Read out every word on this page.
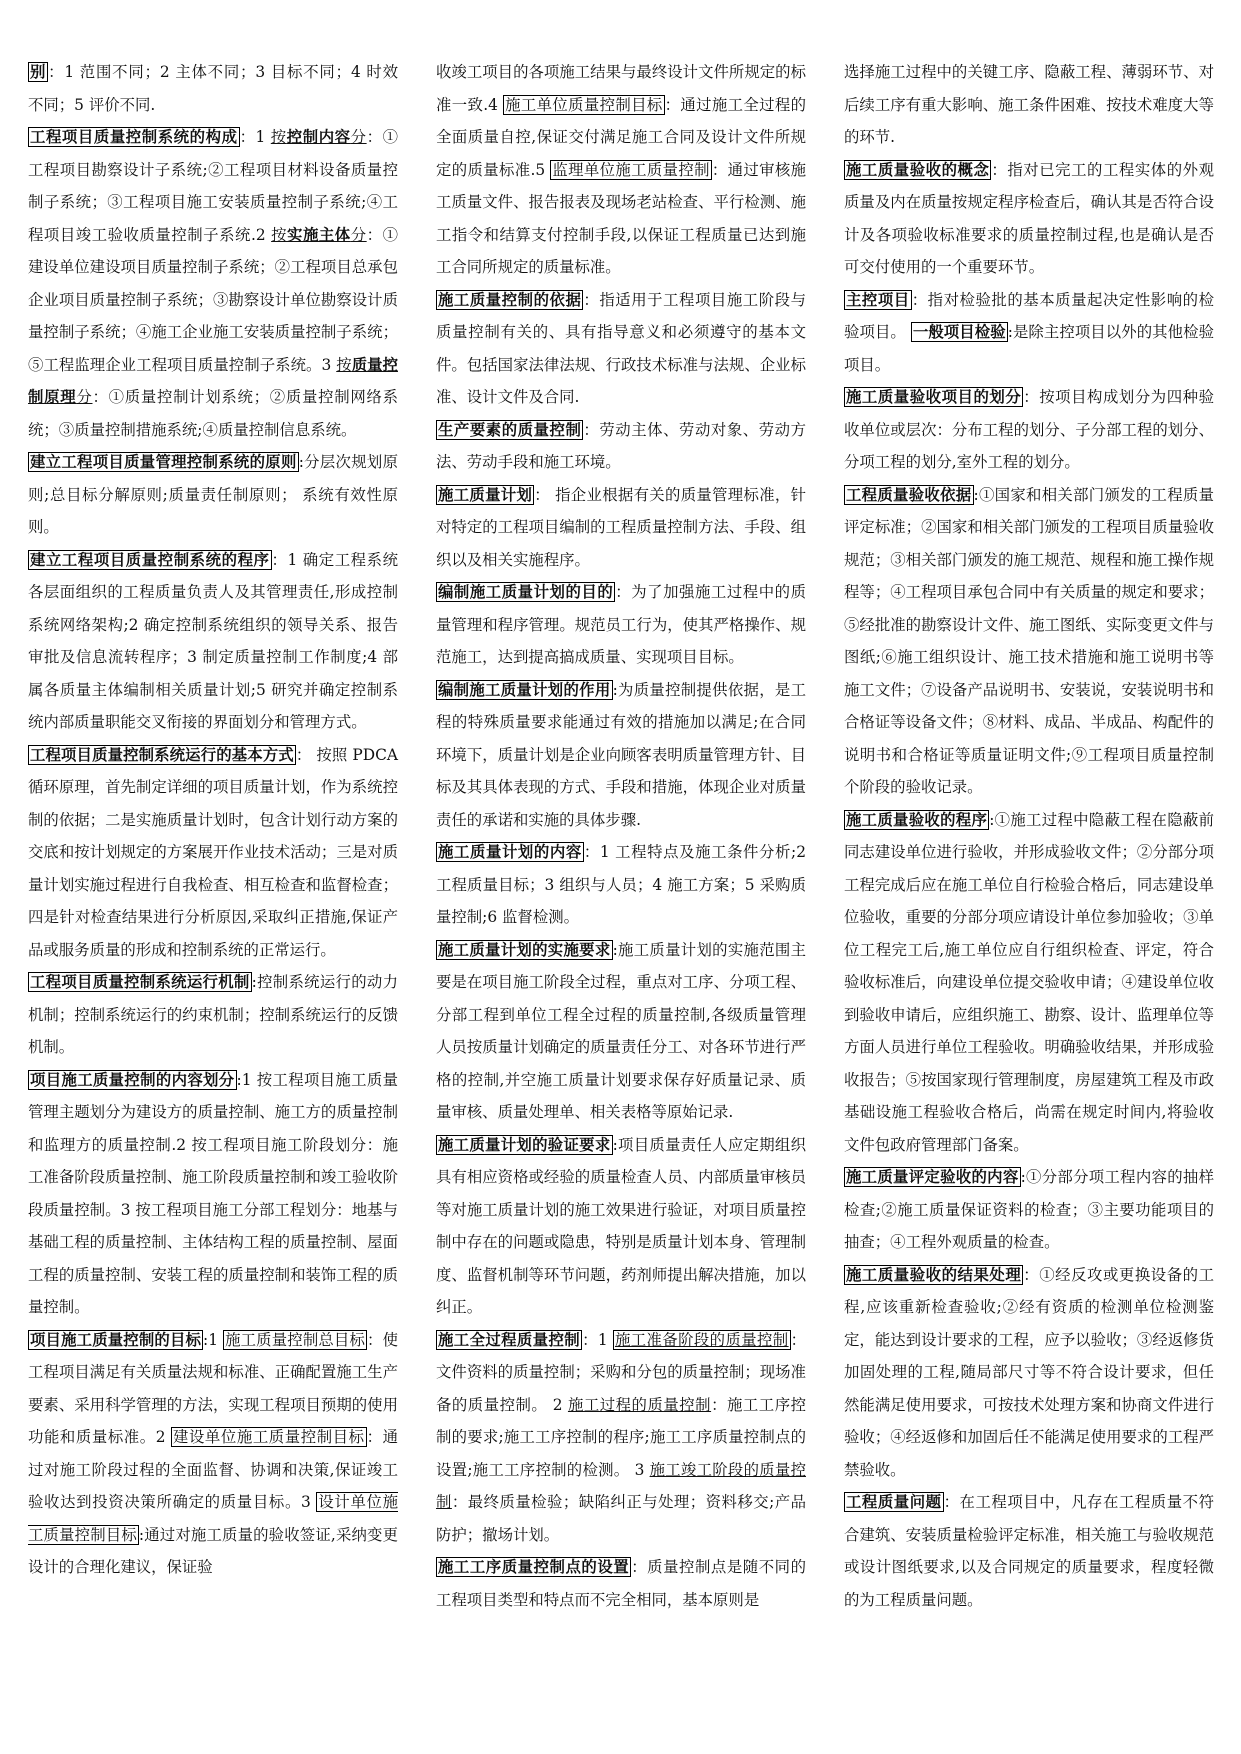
别 ：1 范围不同；2 主体不同；3 目标不同；4 时效不同；5 评价不同.

工程项目质量控制系统的构成 ：1 按控制内容分：①工程项目勘察设计子系统;②工程项目材料设备质量控制子系统；③工程项目施工安装质量控制子系统;④工程项目竣工验收质量控制子系统.2 按实施主体分：①建设单位建设项目质量控制子系统；②工程项目总承包企业项目质量控制子系统；③勘察设计单位勘察设计质量控制子系统；④施工企业施工安装质量控制子系统；⑤工程监理企业工程项目质量控制子系统。3 按质量控制原理分：①质量控制计划系统；②质量控制网络系统；③质量控制措施系统;④质量控制信息系统。

建立工程项目质量管理控制系统的原则 :分层次规划原则;总目标分解原则;质量责任制原则； 系统有效性原则。

建立工程项目质量控制系统的程序 ：1 确定工程系统各层面组织的工程质量负责人及其管理责任,形成控制系统网络架构;2 确定控制系统组织的领导关系、报告审批及信息流转程序；3 制定质量控制工作制度;4 部属各质量主体编制相关质量计划;5 研究并确定控制系统内部质量职能交叉衔接的界面划分和管理方式。

工程项目质量控制系统运行的基本方式 ： 按照 PDCA 循环原理，首先制定详细的项目质量计划，作为系统控制的依据；二是实施质量计划时，包含计划行动方案的交底和按计划规定的方案展开作业技术活动；三是对质量计划实施过程进行自我检查、相互检查和监督检查；四是针对检查结果进行分析原因,采取纠正措施,保证产品或服务质量的形成和控制系统的正常运行。

工程项目质量控制系统运行机制 :控制系统运行的动力机制；控制系统运行的约束机制；控制系统运行的反馈机制。

项目施工质量控制的内容划分 :1 按工程项目施工质量管理主题划分为建设方的质量控制、施工方的质量控制和监理方的质量控制.2 按工程项目施工阶段划分：施工准备阶段质量控制、施工阶段质量控制和竣工验收阶段质量控制。3 按工程项目施工分部工程划分：地基与基础工程的质量控制、主体结构工程的质量控制、屋面工程的质量控制、安装工程的质量控制和装饰工程的质量控制。

项目施工质量控制的目标 :1 施工质量控制总目标 ：使工程项目满足有关质量法规和标准、正确配置施工生产要素、采用科学管理的方法，实现工程项目预期的使用功能和质量标准。2 建设单位施工质量控制目标 ：通过对施工阶段过程的全面监督、协调和决策,保证竣工验收达到投资决策所确定的质量目标。3 设计单位施工质量控制目标 :通过对施工质量的验收签证,采纳变更设计的合理化建议，保证验

收竣工项目的各项施工结果与最终设计文件所规定的标准一致.4 施工单位质量控制目标 ：通过施工全过程的全面质量自控,保证交付满足施工合同及设计文件所规定的质量标准.5 监理单位施工质量控制 ：通过审核施工质量文件、报告报表及现场老站检查、平行检测、施工指令和结算支付控制手段,以保证工程质量已达到施工合同所规定的质量标准。

施工质量控制的依据 ：指适用于工程项目施工阶段与质量控制有关的、具有指导意义和必须遵守的基本文件。包括国家法律法规、行政技术标准与法规、企业标准、设计文件及合同.

生产要素的质量控制 ：劳动主体、劳动对象、劳动方法、劳动手段和施工环境。

施工质量计划 ： 指企业根据有关的质量管理标准，针对特定的工程项目编制的工程质量控制方法、手段、组织以及相关实施程序。

编制施工质量计划的目的 ：为了加强施工过程中的质量管理和程序管理。规范员工行为，使其严格操作、规范施工，达到提高搞成质量、实现项目目标。

编制施工质量计划的作用 :为质量控制提供依据，是工程的特殊质量要求能通过有效的措施加以满足;在合同环境下，质量计划是企业向顾客表明质量管理方针、目标及其具体表现的方式、手段和措施，体现企业对质量责任的承诺和实施的具体步骤.

施工质量计划的内容 ：1 工程特点及施工条件分析;2 工程质量目标；3 组织与人员；4 施工方案；5 采购质量控制;6 监督检测。

施工质量计划的实施要求 :施工质量计划的实施范围主要是在项目施工阶段全过程，重点对工序、分项工程、分部工程到单位工程全过程的质量控制,各级质量管理人员按质量计划确定的质量责任分工、对各环节进行严格的控制,并空施工质量计划要求保存好质量记录、质量审核、质量处理单、相关表格等原始记录.

施工质量计划的验证要求 :项目质量责任人应定期组织具有相应资格或经验的质量检查人员、内部质量审核员等对施工质量计划的施工效果进行验证，对项目质量控制中存在的问题或隐患，特别是质量计划本身、管理制度、监督机制等环节问题，药剂师提出解决措施，加以纠正。

施工全过程质量控制 ：1 施工准备阶段的质量控制 ：文件资料的质量控制；采购和分包的质量控制；现场准备的质量控制。 2 施工过程的质量控制：施工工序控制的要求;施工工序控制的程序;施工工序质量控制点的设置;施工工序控制的检测。 3 施工竣工阶段的质量控制：最终质量检验；缺陷纠正与处理；资料移交;产品防护；撤场计划。

施工工序质量控制点的设置 ：质量控制点是随不同的工程项目类型和特点而不完全相同，基本原则是

选择施工过程中的关键工序、隐蔽工程、薄弱环节、对后续工序有重大影响、施工条件困难、按技术难度大等的环节.

施工质量验收的概念 ：指对已完工的工程实体的外观质量及内在质量按规定程序检查后，确认其是否符合设计及各项验收标准要求的质量控制过程,也是确认是否可交付使用的一个重要环节。

主控项目 ：指对检验批的基本质量起决定性影响的检验项目。 一般项目检验 :是除主控项目以外的其他检验项目。

施工质量验收项目的划分 ：按项目构成划分为四种验收单位或层次：分布工程的划分、子分部工程的划分、分项工程的划分,室外工程的划分。

工程质量验收依据 :①国家和相关部门颁发的工程质量评定标准；②国家和相关部门颁发的工程项目质量验收规范；③相关部门颁发的施工规范、规程和施工操作规程等；④工程项目承包合同中有关质量的规定和要求；⑤经批准的勘察设计文件、施工图纸、实际变更文件与图纸;⑥施工组织设计、施工技术措施和施工说明书等施工文件；⑦设备产品说明书、安装说，安装说明书和合格证等设备文件；⑧材料、成品、半成品、构配件的说明书和合格证等质量证明文件;⑨工程项目质量控制个阶段的验收记录。

施工质量验收的程序 :①施工过程中隐蔽工程在隐蔽前同志建设单位进行验收，并形成验收文件；②分部分项工程完成后应在施工单位自行检验合格后，同志建设单位验收，重要的分部分项应请设计单位参加验收；③单位工程完工后,施工单位应自行组织检查、评定，符合验收标准后，向建设单位提交验收申请；④建设单位收到验收申请后，应组织施工、勘察、设计、监理单位等方面人员进行单位工程验收。明确验收结果，并形成验收报告；⑤按国家现行管理制度，房屋建筑工程及市政基础设施工程验收合格后，尚需在规定时间内,将验收文件包政府管理部门备案。

施工质量评定验收的内容 :①分部分项工程内容的抽样检查;②施工质量保证资料的检查；③主要功能项目的抽查；④工程外观质量的检查。

施工质量验收的结果处理 ：①经反攻或更换设备的工程,应该重新检查验收;②经有资质的检测单位检测鉴定，能达到设计要求的工程，应予以验收；③经返修货加固处理的工程,随局部尺寸等不符合设计要求，但任然能满足使用要求，可按技术处理方案和协商文件进行验收；④经返修和加固后任不能满足使用要求的工程严禁验收。

工程质量问题 ：在工程项目中，凡存在工程质量不符合建筑、安装质量检验评定标准，相关施工与验收规范或设计图纸要求,以及合同规定的质量要求，程度轻微的为工程质量问题。
